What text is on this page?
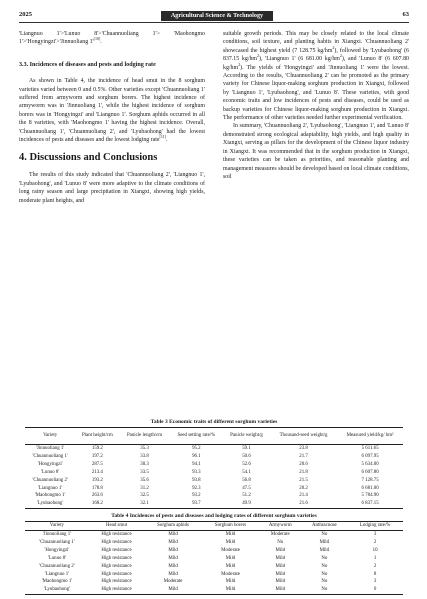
2025	Agricultural Science & Technology	63

'Liangnuo 1'>'Lunuo 8'>'Chuannuoliang 1'> 'Maohongmo 1'>'Hongyingzi'>'Jinnuoliang 1'[10].

3.3. Incidences of diseases and pests and lodging rate

As shown in Table 4, the incidence of head smut in the 8 sorghum varieties varied between 0 and 0.5%. Other varieties except 'Chuannuoliang 1' suffered from armyworm and sorghum borers. The highest incidence of armyworm was in 'Jinnuoliang 1', while the highest incidence of sorghum borers was in 'Hongyingzi' and 'Liangnuo 1'. Sorghum aphids occurred in all the 8 varieties, with 'Maohongmo 1' having the highest incidence. Overall, 'Chuannuoliang 1', 'Chuannuoliang 2', and 'Lyubaohong' had the lowest incidences of pests and diseases and the lowest lodging rate[11].

4. Discussions and Conclusions

The results of this study indicated that 'Chuannuoliang 2', 'Liangnuo 1', 'Lyubaohong', and 'Lunuo 8' were more adaptive to the climate conditions of long rainy season and large precipitation in Xiangxi, showing high yields, moderate plant heights, and

suitable growth periods. This may be closely related to the local climate conditions, soil texture, and planting habits in Xiangxi. 'Chuannuoliang 2' showcased the highest yield (7 128.75 $kg/hm^2$), followed by 'Lyubaohong' (6 837.15 $kg/hm^2$), 'Liangnuo 1' (6 681.00 $kg/hm^2$), and 'Lunuo 8' (6 607.80 $kg/hm^2$). The yields of 'Hongyingzi' and 'Jinnuoliang 1' were the lowest. According to the results, 'Chuannuoliang 2' can be promoted as the primary variety for Chinese liquor-making sorghum production in Xiangxi, followed by 'Liangnuo 1', 'Lyubaohong', and 'Lunuo 8'. These varieties, with good economic traits and low incidences of pests and diseases, could be used as backup varieties for Chinese liquor-making sorghum production in Xiangxi. The performance of other varieties needed further experimental verification.

In summary, 'Chuannuoliang 2', 'Lyubaohong', 'Liangnuo 1', and 'Lunuo 8' demonstrated strong ecological adaptability, high yields, and high quality in Xiangxi, serving as pillars for the development of the Chinese liquor industry in Xiangxi. It was recommended that in the sorghum production in Xiangxi, these varieties can be taken as priorities, and reasonable planting and management measures should be developed based on local climate conditions, soil

Table 3 Economic traits of different sorghum varieties
Variety	Plant height/cm	Panicle length/cm	Seed setting rate/%	Panicle weight/g	Thousand-seed weight/g	Measured yield/kg/ hm²
'Jinnuoliang 1'	159.2	35.3	95.2	59.1	23.8	5 611.65
'Chuannuoliang 1'	197.2	33.8	96.1	50.6	21.7	6 097.95
'Hongyingzi'	287.5	30.3	94.1	52.6	20.6	5 634.00
'Lunuo 8'	213.4	33.5	93.3	54.1	21.8	6 607.80
'Chuannuoliang 2'	193.2	35.6	93.8	56.8	21.5	7 128.75
'Liangnuo 1'	178.8	31.2	92.3	47.5	20.2	6 681.00
'Maohongmo 1'	263.6	32.5	93.2	51.2	21.4	5 784.90
'Lyubaohong'	168.2	32.1	93.7	49.9	21.6	6 837.15
Table 4 Incidences of pests and diseases and lodging rates of different sorghum varieties
Variety	Head smut	Sorghum aphids	Sorghum borers	Armyworm	Anthracnose	Lodging rate/%
'Jinnuoliang 1'	High resistance	Mild	Mild	Moderate	No	3
'Chuannuoliang 1'	High resistance	Mild	Mild	No	Mild	2
'Hongyingzi'	High resistance	Mild	Moderate	Mild	Mild	10
'Lunuo 8'	High resistance	Mild	Mild	Mild	No	1
'Chuannuoliang 2'	High resistance	Mild	Mild	Mild	No	2
'Liangnuo 1'	High resistance	Mild	Moderate	Mild	No	8
'Maohongmo 1'	High resistance	Moderate	Mild	Mild	No	3
'Lyubaohong'	High resistance	Mild	Mild	Mild	No	0
